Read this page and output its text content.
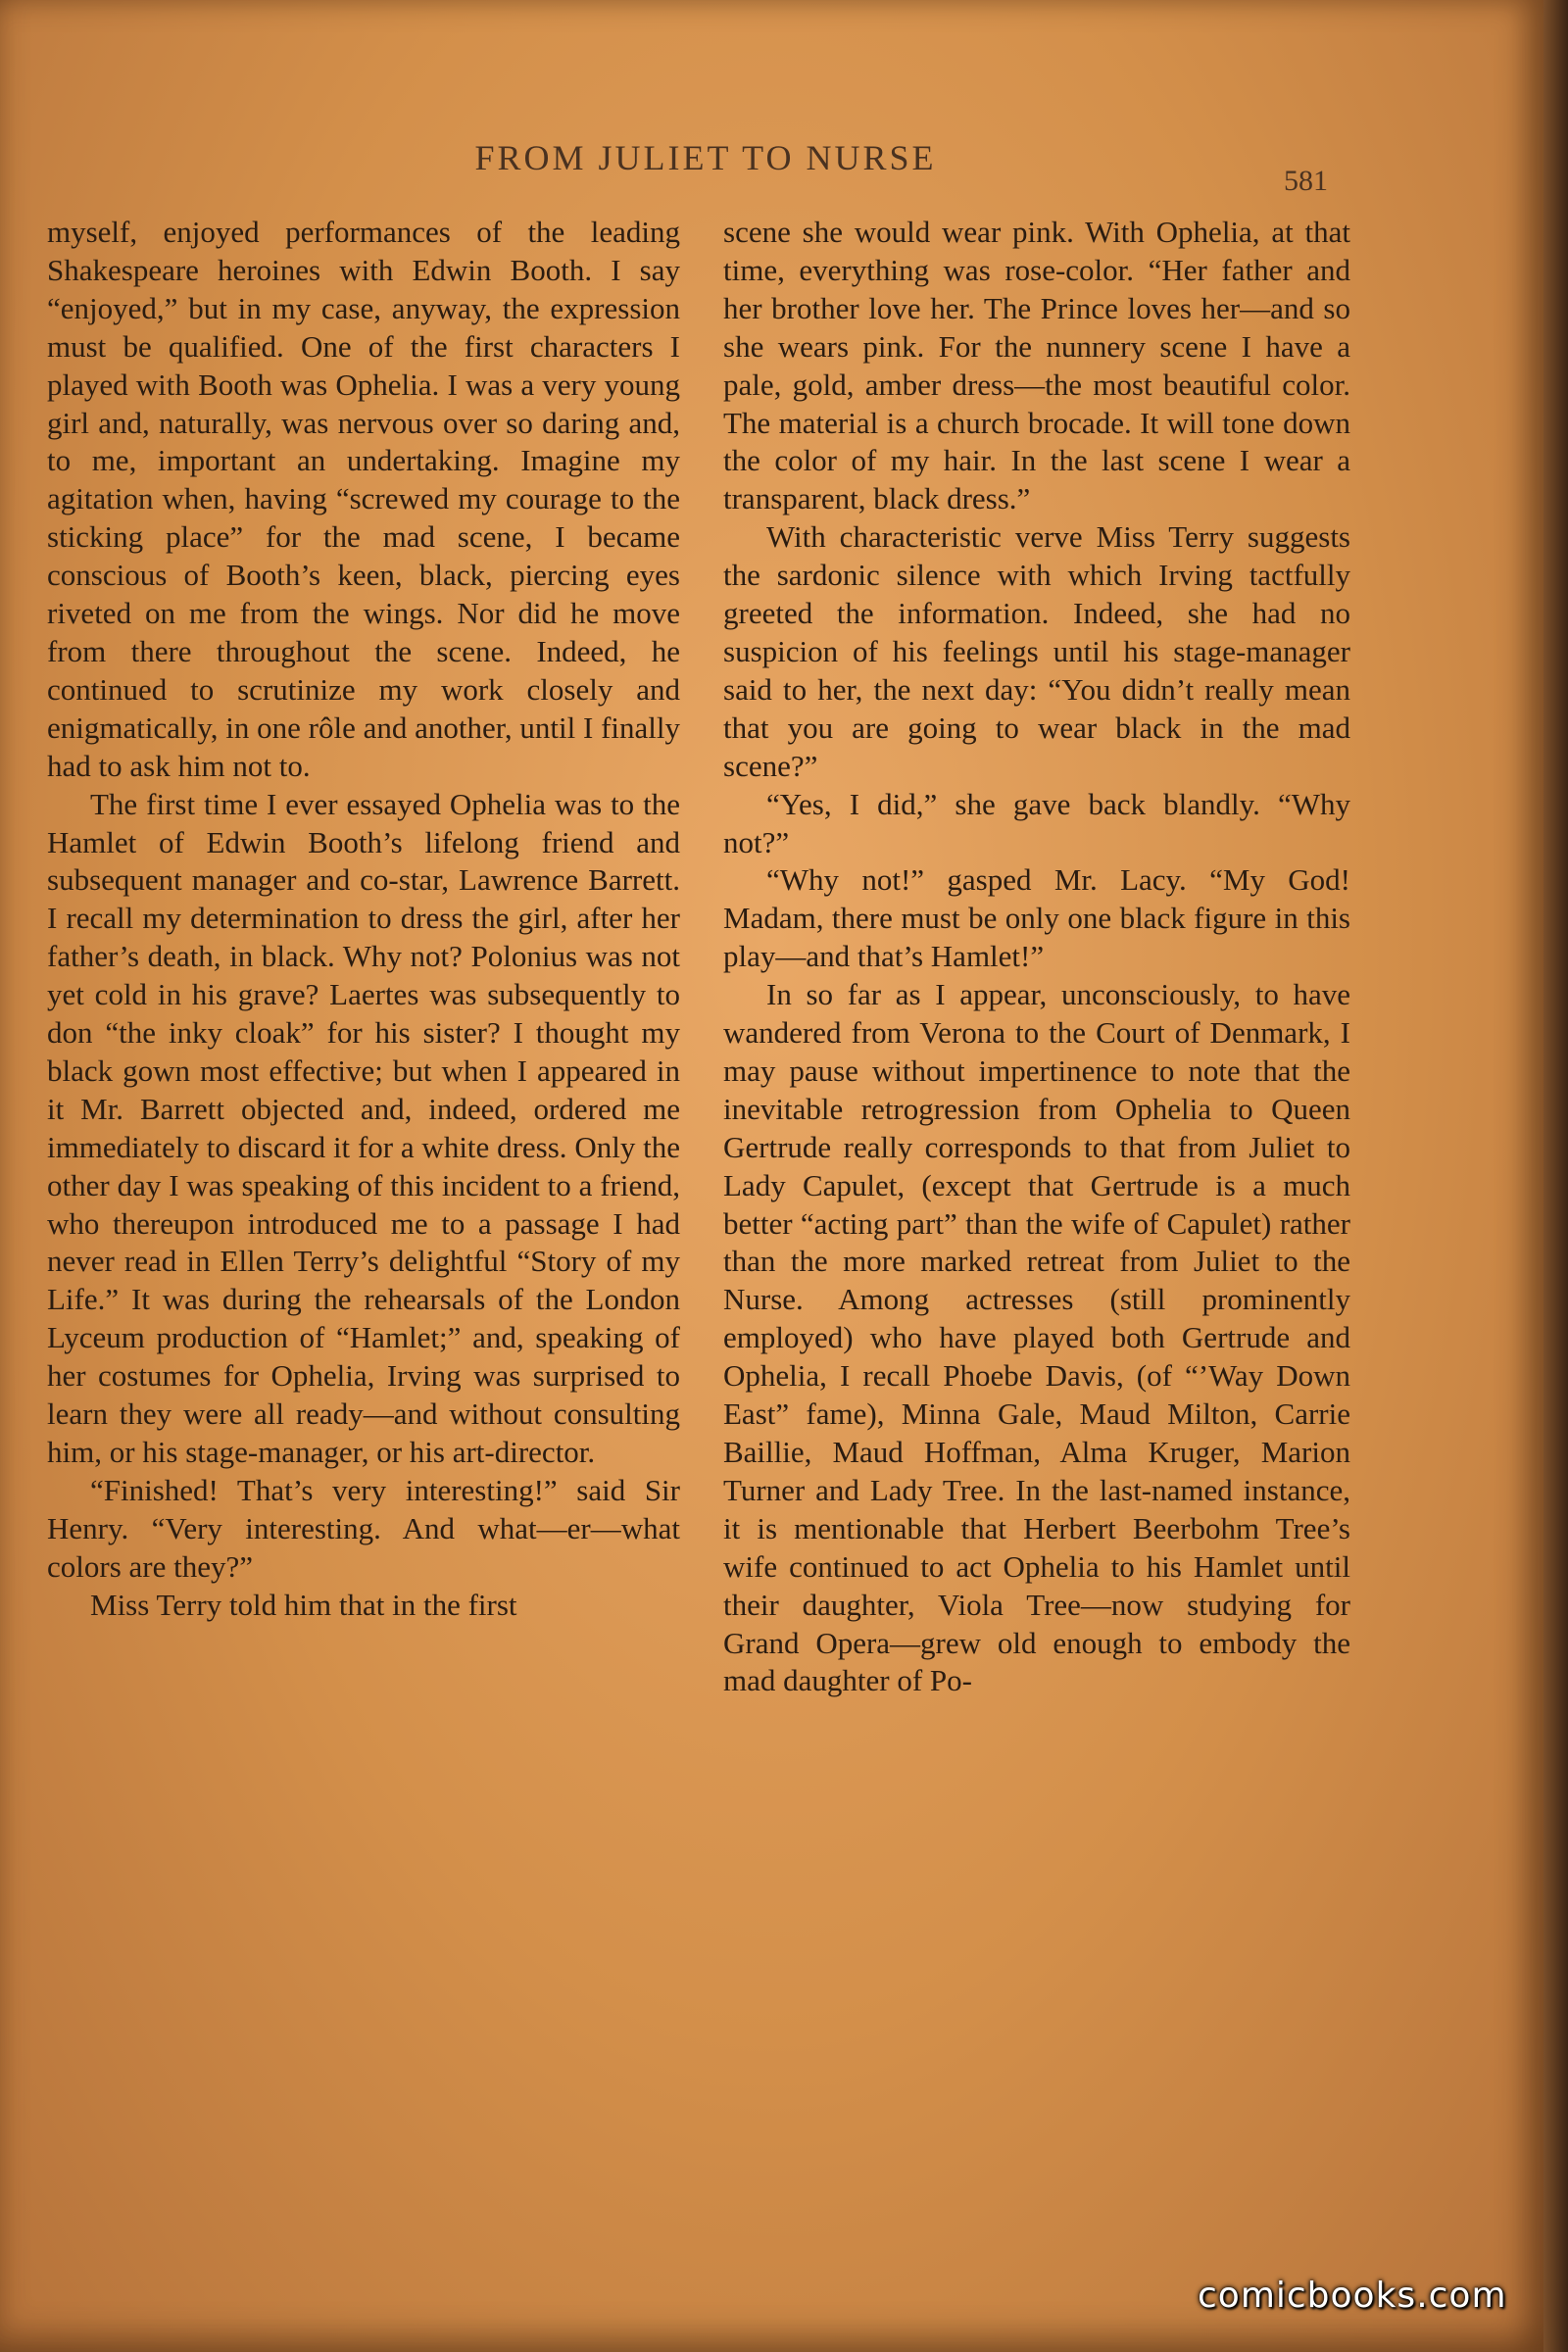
FROM JULIET TO NURSE
581

myself, enjoyed performances of the leading Shakespeare heroines with Edwin Booth. I say “enjoyed,” but in my case, anyway, the expression must be qualified. One of the first characters I played with Booth was Ophelia. I was a very young girl and, naturally, was nervous over so daring and, to me, important an undertaking. Imagine my agitation when, having “screwed my courage to the sticking place” for the mad scene, I became conscious of Booth’s keen, black, piercing eyes riveted on me from the wings. Nor did he move from there throughout the scene. Indeed, he continued to scrutinize my work closely and enigmatically, in one rôle and another, until I finally had to ask him not to.

The first time I ever essayed Ophelia was to the Hamlet of Edwin Booth’s lifelong friend and subsequent manager and co-star, Lawrence Barrett. I recall my determination to dress the girl, after her father’s death, in black. Why not? Polonius was not yet cold in his grave? Laertes was subsequently to don “the inky cloak” for his sister? I thought my black gown most effective; but when I appeared in it Mr. Barrett objected and, indeed, ordered me immediately to discard it for a white dress. Only the other day I was speaking of this incident to a friend, who thereupon introduced me to a passage I had never read in Ellen Terry’s delightful “Story of my Life.” It was during the rehearsals of the London Lyceum production of “Hamlet;” and, speaking of her costumes for Ophelia, Irving was surprised to learn they were all ready—and without consulting him, or his stage-manager, or his art-director.

“Finished! That’s very interesting!” said Sir Henry. “Very interesting. And what—er—what colors are they?”

Miss Terry told him that in the first

scene she would wear pink. With Ophelia, at that time, everything was rose-color. “Her father and her brother love her. The Prince loves her—and so she wears pink. For the nunnery scene I have a pale, gold, amber dress—the most beautiful color. The material is a church brocade. It will tone down the color of my hair. In the last scene I wear a transparent, black dress.”

With characteristic verve Miss Terry suggests the sardonic silence with which Irving tactfully greeted the information. Indeed, she had no suspicion of his feelings until his stage-manager said to her, the next day: “You didn’t really mean that you are going to wear black in the mad scene?”

“Yes, I did,” she gave back blandly. “Why not?”

“Why not!” gasped Mr. Lacy. “My God! Madam, there must be only one black figure in this play—and that’s Hamlet!”

In so far as I appear, unconsciously, to have wandered from Verona to the Court of Denmark, I may pause without impertinence to note that the inevitable retrogression from Ophelia to Queen Gertrude really corresponds to that from Juliet to Lady Capulet, (except that Gertrude is a much better “acting part” than the wife of Capulet) rather than the more marked retreat from Juliet to the Nurse. Among actresses (still prominently employed) who have played both Gertrude and Ophelia, I recall Phoebe Davis, (of “’Way Down East” fame), Minna Gale, Maud Milton, Carrie Baillie, Maud Hoffman, Alma Kruger, Marion Turner and Lady Tree. In the last-named instance, it is mentionable that Herbert Beerbohm Tree’s wife continued to act Ophelia to his Hamlet until their daughter, Viola Tree—now studying for Grand Opera—grew old enough to embody the mad daughter of Po-

comicbooks.com
